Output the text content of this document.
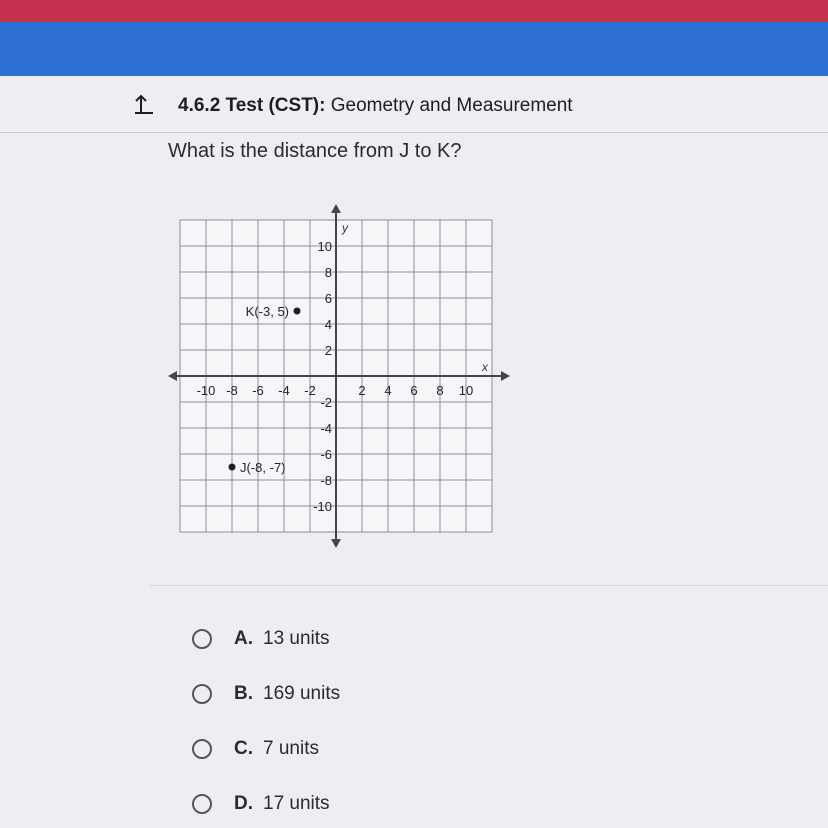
4.6.2 Test (CST): Geometry and Measurement
What is the distance from J to K?
x
y
-10 -8 -6 -4 -2	2 4 6 8 10
10
8
6
4
2
-2
-4
-6
-8
-10
K(-3, 5)
J(-8, -7)
A. 13 units
B. 169 units
C. 7 units
D. 17 units
